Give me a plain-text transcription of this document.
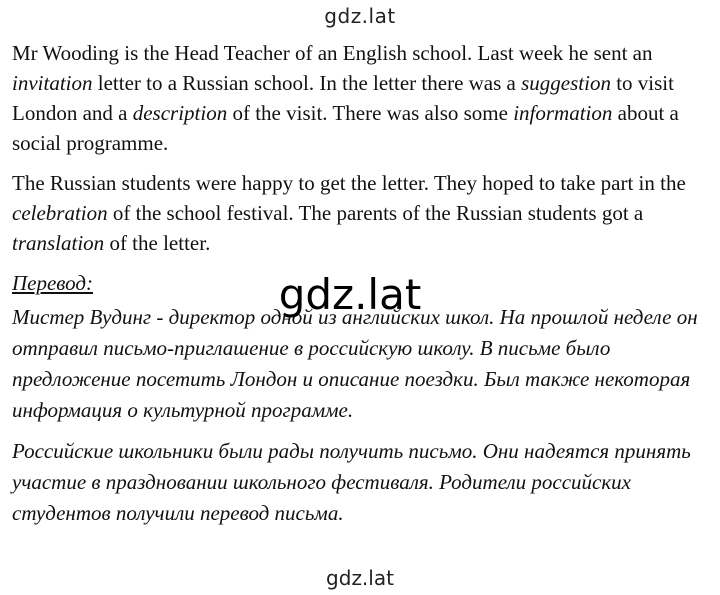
gdz.lat

Mr Wooding is the Head Teacher of an English school. Last week he sent an invitation letter to a Russian school. In the letter there was a suggestion to visit London and a description of the visit. There was also some information about a social programme.

The Russian students were happy to get the letter. They hoped to take part in the celebration of the school festival. The parents of the Russian students got a translation of the letter.

Перевод:

Мистер Вудинг - директор одной из английских школ. На прошлой неделе он отправил письмо-приглашение в российскую школу. В письме было предложение посетить Лондон и описание поездки. Был также некоторая информация о культурной программе.

Российские школьники были рады получить письмо. Они надеятся принять участие в праздновании школьного фестиваля. Родители российских студентов получили перевод письма.

gdz.lat
gdz.lat
